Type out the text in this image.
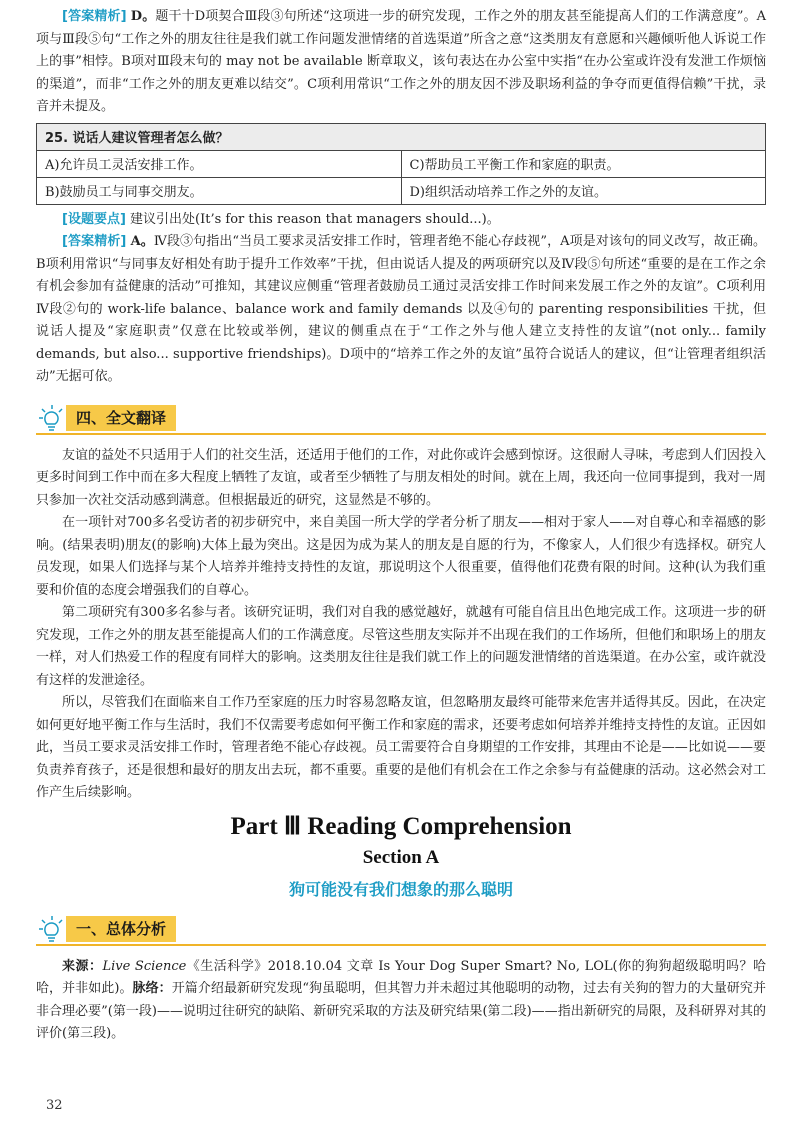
[答案精析] D。题干十D项契合Ⅲ段③句所述“这项进一步的研究发现，工作之外的朋友甚至能提高人们的工作满意度”。A项与Ⅲ段⑤句“工作之外的朋友往往是我们就工作问题发泄情绪的首选渠道”所含之意“这类朋友有意愿和兴趣倾听他人诉说工作上的事”相悖。B项对Ⅲ段末句的 may not be available 断章取义，该句表达在办公室中实指“在办公室或许没有发泄工作烦恼的渠道”，而非“工作之外的朋友更难以结交”。C项利用常识“工作之外的朋友因不涉及职场利益的争夺而更值得信赖”干扰，录音并未提及。

25. 说话人建议管理者怎么做？	
A)允许员工灵活安排工作。	C)帮助员工平衡工作和家庭的职责。
B)鼓励员工与同事交朋友。	D)组织活动培养工作之外的友谊。

[设题要点] 建议引出处(It’s for this reason that managers should...)。

[答案精析] A。Ⅳ段③句指出“当员工要求灵活安排工作时，管理者绝不能心存歧视”，A项是对该句的同义改写，故正确。B项利用常识“与同事友好相处有助于提升工作效率”干扰，但由说话人提及的两项研究以及Ⅳ段⑤句所述“重要的是在工作之余有机会参加有益健康的活动”可推知，其建议应侧重“管理者鼓励员工通过灵活安排工作时间来发展工作之外的友谊”。C项利用Ⅳ段②句的 work-life balance、balance work and family demands 以及④句的 parenting responsibilities 干扰，但说话人提及“家庭职责”仅意在比较或举例，建议的侧重点在于“工作之外与他人建立支持性的友谊”(not only... family demands, but also... supportive friendships)。D项中的“培养工作之外的友谊”虽符合说话人的建议，但“让管理者组织活动”无据可依。

四、全文翻译

友谊的益处不只适用于人们的社交生活，还适用于他们的工作，对此你或许会感到惊讶。这很耐人寻味，考虑到人们因投入更多时间到工作中而在多大程度上牺牲了友谊，或者至少牺牲了与朋友相处的时间。就在上周，我还向一位同事提到，我对一周只参加一次社交活动感到满意。但根据最近的研究，这显然是不够的。

在一项针对700多名受访者的初步研究中，来自美国一所大学的学者分析了朋友——相对于家人——对自尊心和幸福感的影响。(结果表明)朋友(的影响)大体上最为突出。这是因为成为某人的朋友是自愿的行为，不像家人，人们很少有选择权。研究人员发现，如果人们选择与某个人培养并维持支持性的友谊，那说明这个人很重要，值得他们花费有限的时间。这种(认为我们重要和价值的态度会增强我们的自尊心。

第二项研究有300多名参与者。该研究证明，我们对自我的感觉越好，就越有可能自信且出色地完成工作。这项进一步的研究发现，工作之外的朋友甚至能提高人们的工作满意度。尽管这些朋友实际并不出现在我们的工作场所，但他们和职场上的朋友一样，对人们热爱工作的程度有同样大的影响。这类朋友往往是我们就工作上的问题发泄情绪的首选渠道。在办公室，或许就没有这样的发泄途径。

所以，尽管我们在面临来自工作乃至家庭的压力时容易忽略友谊，但忽略朋友最终可能带来危害并适得其反。因此，在决定如何更好地平衡工作与生活时，我们不仅需要考虑如何平衡工作和家庭的需求，还要考虑如何培养并维持支持性的友谊。正因如此，当员工要求灵活安排工作时，管理者绝不能心存歧视。员工需要符合自身期望的工作安排，其理由不论是——比如说——要负责养育孩子，还是很想和最好的朋友出去玩，都不重要。重要的是他们有机会在工作之余参与有益健康的活动。这必然会对工作产生后续影响。

Part Ⅲ Reading Comprehension
Section A
狗可能没有我们想象的那么聪明
一、总体分析

来源：Live Science《生活科学》2018.10.04 文章 Is Your Dog Super Smart? No, LOL(你的狗狗超级聪明吗？哈哈，并非如此)。脉络：开篇介绍最新研究发现“狗虽聪明，但其智力并未超过其他聪明的动物，过去有关狗的智力的大量研究并非合理必要”(第一段)——说明过往研究的缺陷、新研究采取的方法及研究结果(第二段)——指出新研究的局限，及科研界对其的评价(第三段)。

32
